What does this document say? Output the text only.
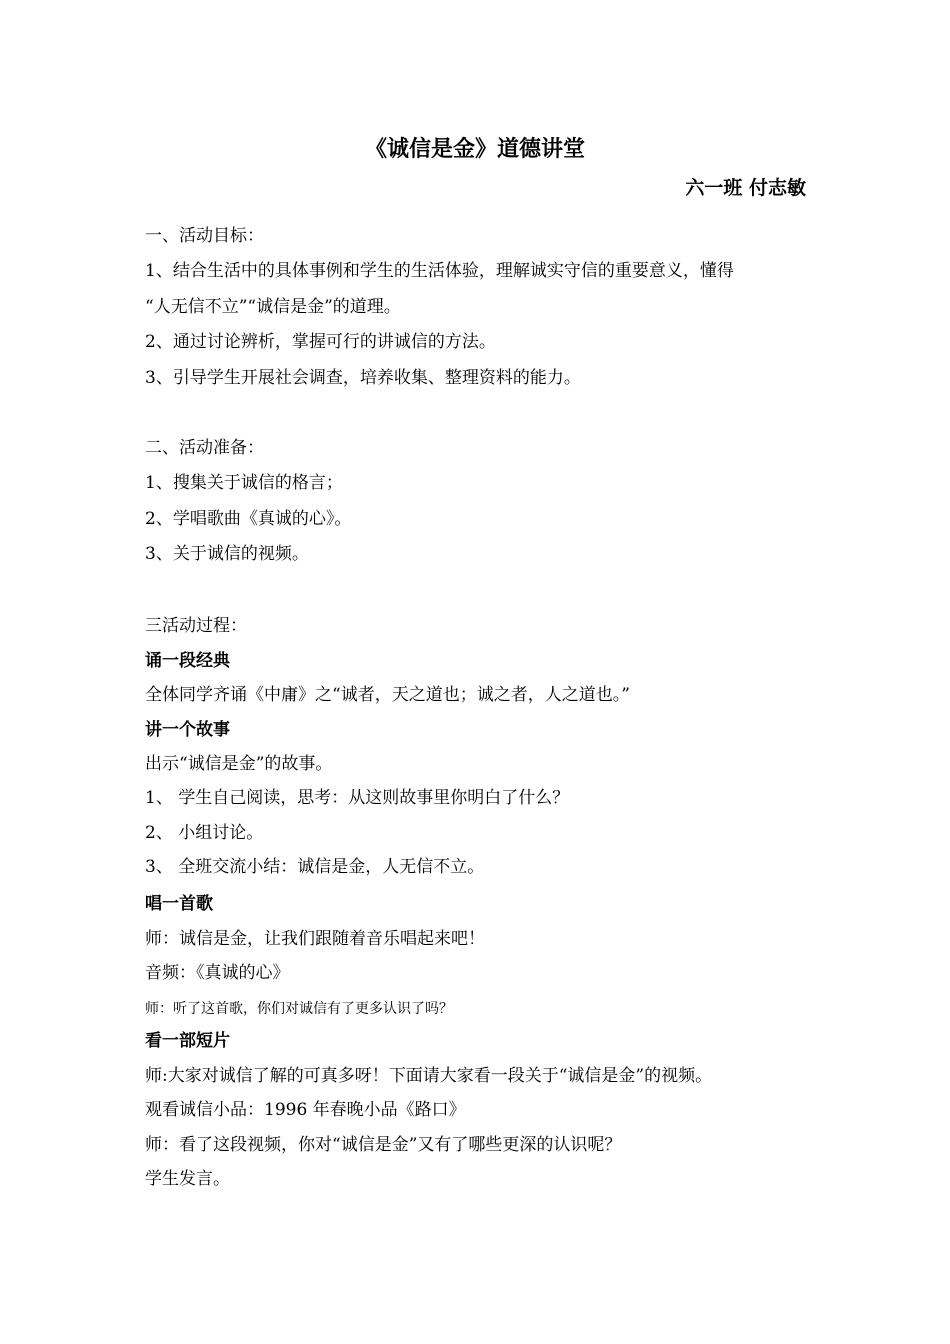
《诚信是金》道德讲堂
六一班 付志敏
一、活动目标：
1、结合生活中的具体事例和学生的生活体验，理解诚实守信的重要意义，懂得
“人无信不立”“诚信是金”的道理。
2、通过讨论辨析，掌握可行的讲诚信的方法。
3、引导学生开展社会调查，培养收集、整理资料的能力。
二、活动准备：
1、搜集关于诚信的格言；
2、学唱歌曲《真诚的心》。
3、关于诚信的视频。
三活动过程：
诵一段经典
全体同学齐诵《中庸》之“诚者，天之道也；诚之者，人之道也。”
讲一个故事
出示“诚信是金”的故事。
1、 学生自己阅读，思考：从这则故事里你明白了什么？
2、 小组讨论。
3、 全班交流小结：诚信是金，人无信不立。
唱一首歌
师：诚信是金，让我们跟随着音乐唱起来吧！
音频：《真诚的心》
师：听了这首歌，你们对诚信有了更多认识了吗？
看一部短片
师:大家对诚信了解的可真多呀！下面请大家看一段关于“诚信是金”的视频。
观看诚信小品：1996 年春晚小品《路口》
师：看了这段视频，你对“诚信是金”又有了哪些更深的认识呢？
学生发言。
